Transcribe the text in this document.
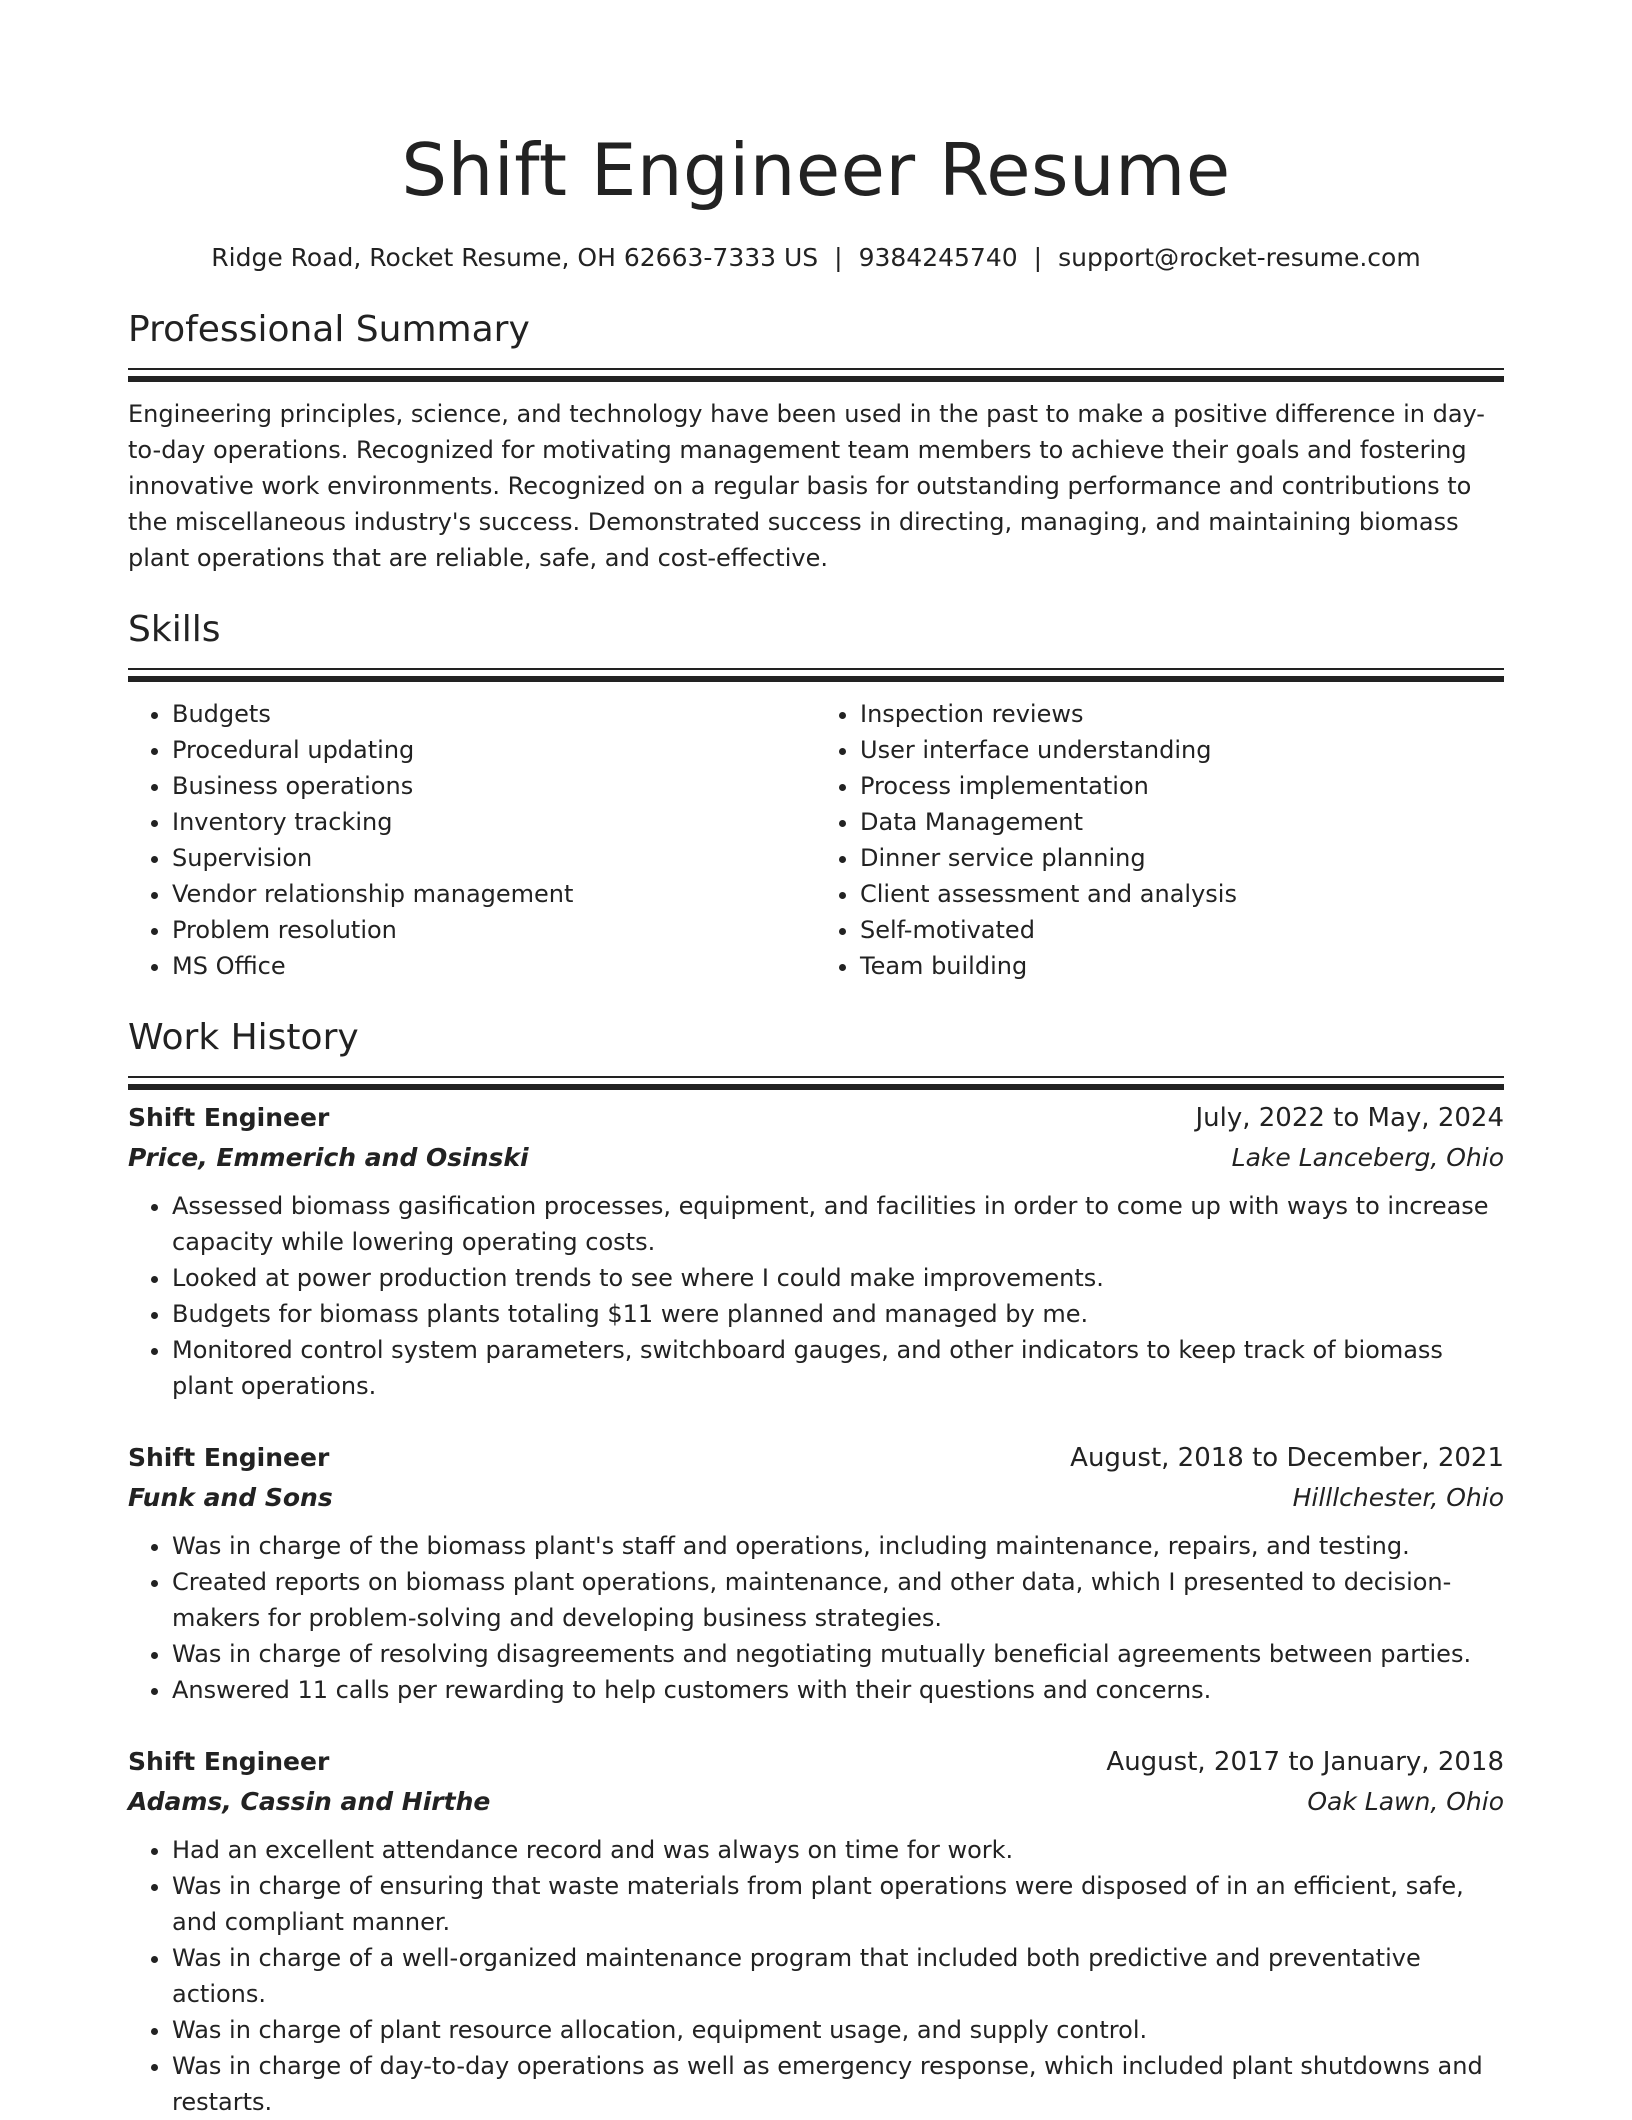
Shift Engineer Resume
Ridge Road, Rocket Resume, OH 62663-7333 US | 9384245740 | support@rocket-resume.com
Professional Summary

Engineering principles, science, and technology have been used in the past to make a positive difference in day-to-day operations. Recognized for motivating management team members to achieve their goals and fostering innovative work environments. Recognized on a regular basis for outstanding performance and contributions to the miscellaneous industry's success. Demonstrated success in directing, managing, and maintaining biomass plant operations that are reliable, safe, and cost-effective.

Skills
• Budgets
• Procedural updating
• Business operations
• Inventory tracking
• Supervision
• Vendor relationship management
• Problem resolution
• MS Office
• Inspection reviews
• User interface understanding
• Process implementation
• Data Management
• Dinner service planning
• Client assessment and analysis
• Self-motivated
• Team building
Work History
Shift Engineer	July, 2022 to May, 2024
Price, Emmerich and Osinski	Lake Lanceberg, Ohio
• Assessed biomass gasification processes, equipment, and facilities in order to come up with ways to increase capacity while lowering operating costs.
• Looked at power production trends to see where I could make improvements.
• Budgets for biomass plants totaling $11 were planned and managed by me.
• Monitored control system parameters, switchboard gauges, and other indicators to keep track of biomass plant operations.
Shift Engineer	August, 2018 to December, 2021
Funk and Sons	Hilllchester, Ohio
• Was in charge of the biomass plant's staff and operations, including maintenance, repairs, and testing.
• Created reports on biomass plant operations, maintenance, and other data, which I presented to decision-makers for problem-solving and developing business strategies.
• Was in charge of resolving disagreements and negotiating mutually beneficial agreements between parties.
• Answered 11 calls per rewarding to help customers with their questions and concerns.
Shift Engineer	August, 2017 to January, 2018
Adams, Cassin and Hirthe	Oak Lawn, Ohio
• Had an excellent attendance record and was always on time for work.
• Was in charge of ensuring that waste materials from plant operations were disposed of in an efficient, safe, and compliant manner.
• Was in charge of a well-organized maintenance program that included both predictive and preventative actions.
• Was in charge of plant resource allocation, equipment usage, and supply control.
• Was in charge of day-to-day operations as well as emergency response, which included plant shutdowns and restarts.
